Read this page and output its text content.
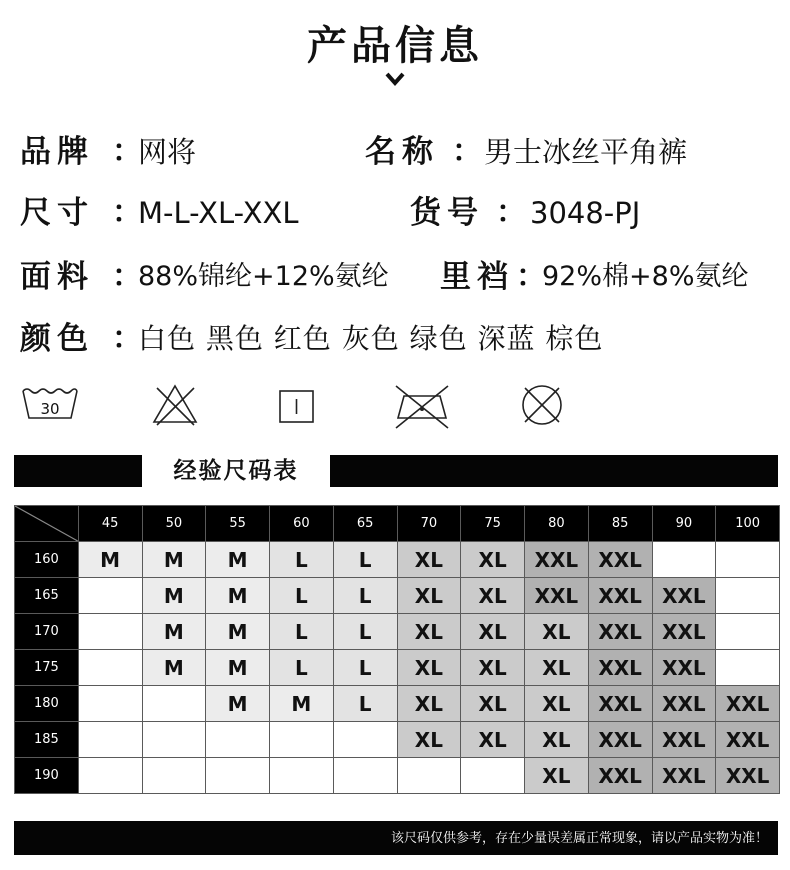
产品信息
品牌 ：
网将	名称 ： 男士冰丝平角裤
尺寸 ：
M-L-XL-XXL	货号 ： 3048-PJ
面料 ：
88%锦纶+12%氨纶 里裆 ：
92%棉+8%氨纶
颜色 ：
白色 黑色 红色 灰色 绿色 深蓝 棕色
30
经验尺码表
	45	50	55	60	65	70	75	80	85	90	100
160	M	M	M	L	L	XL	XL	XXL	XXL		
165		M	M	L	L	XL	XL	XXL	XXL	XXL	
170		M	M	L	L	XL	XL	XL	XXL	XXL	
175		M	M	L	L	XL	XL	XL	XXL	XXL	
180			M	M	L	XL	XL	XL	XXL	XXL	XXL
185						XL	XL	XL	XXL	XXL	XXL
190								XL	XXL	XXL	XXL
该尺码仅供参考，存在少量误差属正常现象，请以产品实物为准！
